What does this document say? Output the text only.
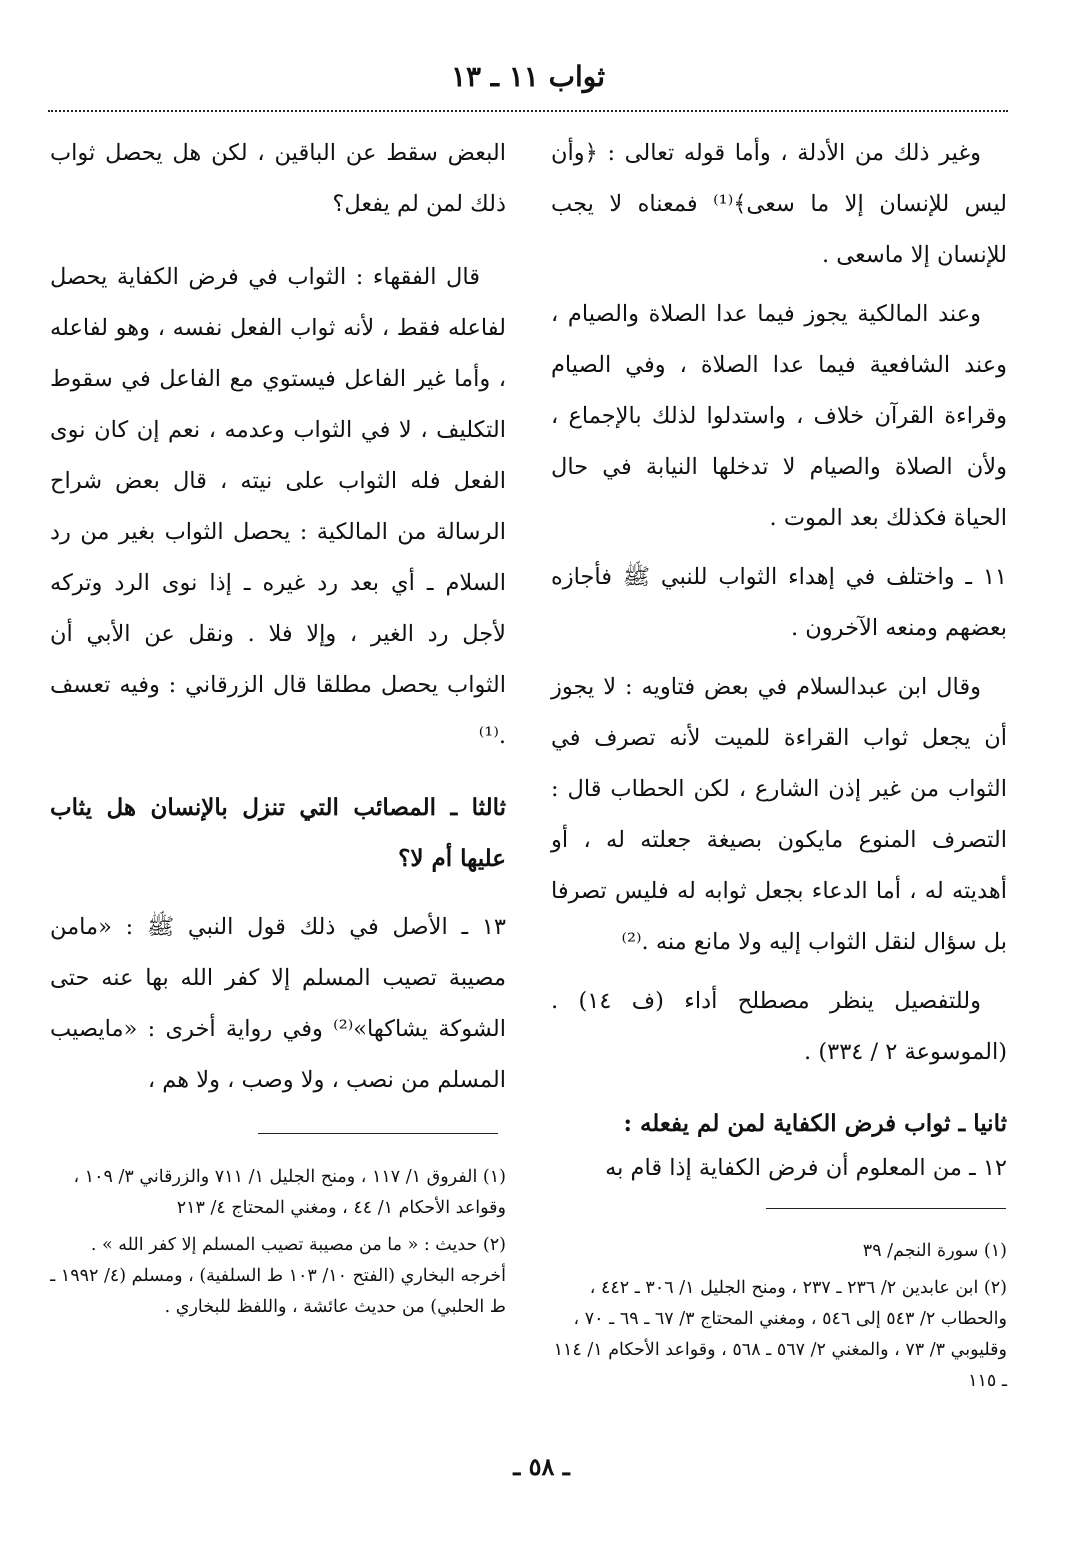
ثواب ١١ ـ ١٣

وغير ذلك من الأدلة ، وأما قوله تعالى : ﴿وأن ليس للإنسان إلا ما سعى﴾⁽¹⁾ فمعناه لا يجب للإنسان إلا ماسعى .

وعند المالكية يجوز فيما عدا الصلاة والصيام ، وعند الشافعية فيما عدا الصلاة ، وفي الصيام وقراءة القرآن خلاف ، واستدلوا لذلك بالإجماع ، ولأن الصلاة والصيام لا تدخلها النيابة في حال الحياة فكذلك بعد الموت .

١١ ـ واختلف في إهداء الثواب للنبي ﷺ فأجازه بعضهم ومنعه الآخرون .

وقال ابن عبدالسلام في بعض فتاويه : لا يجوز أن يجعل ثواب القراءة للميت لأنه تصرف في الثواب من غير إذن الشارع ، لكن الحطاب قال : التصرف المنوع مايكون بصيغة جعلته له ، أو أهديته له ، أما الدعاء بجعل ثوابه له فليس تصرفا بل سؤال لنقل الثواب إليه ولا مانع منه .⁽²⁾

وللتفصيل ينظر مصطلح أداء (ف ١٤) . (الموسوعة ٢ / ٣٣٤) .

ثانيا ـ ثواب فرض الكفاية لمن لم يفعله :

١٢ ـ من المعلوم أن فرض الكفاية إذا قام به

البعض سقط عن الباقين ، لكن هل يحصل ثواب ذلك لمن لم يفعل؟

قال الفقهاء : الثواب في فرض الكفاية يحصل لفاعله فقط ، لأنه ثواب الفعل نفسه ، وهو لفاعله ، وأما غير الفاعل فيستوي مع الفاعل في سقوط التكليف ، لا في الثواب وعدمه ، نعم إن كان نوى الفعل فله الثواب على نيته ، قال بعض شراح الرسالة من المالكية : يحصل الثواب بغير من رد السلام ـ أي بعد رد غيره ـ إذا نوى الرد وتركه لأجل رد الغير ، وإلا فلا . ونقل عن الأبي أن الثواب يحصل مطلقا قال الزرقاني : وفيه تعسف .⁽¹⁾

ثالثا ـ المصائب التي تنزل بالإنسان هل يثاب عليها أم لا؟

١٣ ـ الأصل في ذلك قول النبي ﷺ : «مامن مصيبة تصيب المسلم إلا كفر الله بها عنه حتى الشوكة يشاكها»⁽²⁾ وفي رواية أخرى : «مايصيب المسلم من نصب ، ولا وصب ، ولا هم ،

(١) سورة النجم/ ٣٩

(٢) ابن عابدين ٢/ ٢٣٦ ـ ٢٣٧ ، ومنح الجليل ١/ ٣٠٦ ـ ٤٤٢ ، والحطاب ٢/ ٥٤٣ إلى ٥٤٦ ، ومغني المحتاج ٣/ ٦٧ ـ ٦٩ ـ ٧٠ ، وقليوبي ٣/ ٧٣ ، والمغني ٢/ ٥٦٧ ـ ٥٦٨ ، وقواعد الأحكام ١/ ١١٤ ـ ١١٥

(١) الفروق ١/ ١١٧ ، ومنح الجليل ١/ ٧١١ والزرقاني ٣/ ١٠٩ ، وقواعد الأحكام ١/ ٤٤ ، ومغني المحتاج ٤/ ٢١٣

(٢) حديث : « ما من مصيبة تصيب المسلم إلا كفر الله » . أخرجه البخاري (الفتح ١٠/ ١٠٣ ط السلفية) ، ومسلم (٤/ ١٩٩٢ ـ ط الحلبي) من حديث عائشة ، واللفظ للبخاري .

ـ ٥٨ ـ
